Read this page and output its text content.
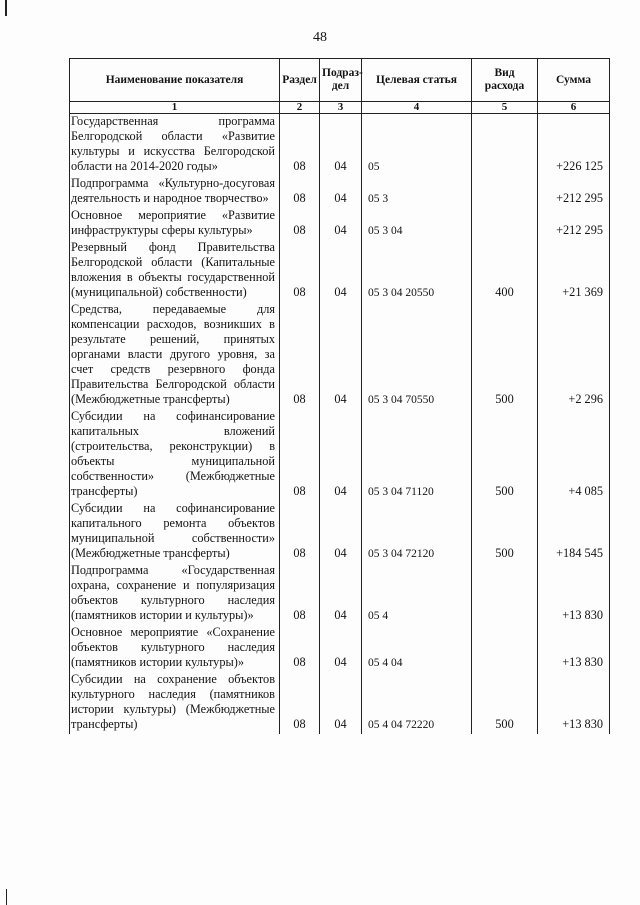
48
Наименование показателя	Раздел	Подраз-дел	Целевая статья	Вид расхода	Сумма
1	2	3	4	5	6
Государственная программа Белгородской области «Развитие культуры и искусства Белгородской области на 2014-2020 годы»	08	04	05		+226 125
Подпрограмма «Культурно-досуговая деятельность и народное творчество»	08	04	05 3		+212 295
Основное мероприятие «Развитие инфраструктуры сферы культуры»	08	04	05 3 04		+212 295
Резервный фонд Правительства Белгородской области (Капитальные вложения в объекты государственной (муниципальной) собственности)	08	04	05 3 04 20550	400	+21 369
Средства, передаваемые для компенсации расходов, возникших в результате решений, принятых органами власти другого уровня, за счет средств резервного фонда Правительства Белгородской области (Межбюджетные трансферты)	08	04	05 3 04 70550	500	+2 296
Субсидии на софинансирование капитальных вложений (строительства, реконструкции) в объекты муниципальной собственности» (Межбюджетные трансферты)	08	04	05 3 04 71120	500	+4 085
Субсидии на софинансирование капитального ремонта объектов муниципальной собственности» (Межбюджетные трансферты)	08	04	05 3 04 72120	500	+184 545
Подпрограмма «Государственная охрана, сохранение и популяризация объектов культурного наследия (памятников истории и культуры)»	08	04	05 4		+13 830
Основное мероприятие «Сохранение объектов культурного наследия (памятников истории культуры)»	08	04	05 4 04		+13 830
Субсидии на сохранение объектов культурного наследия (памятников истории культуры) (Межбюджетные трансферты)	08	04	05 4 04 72220	500	+13 830
